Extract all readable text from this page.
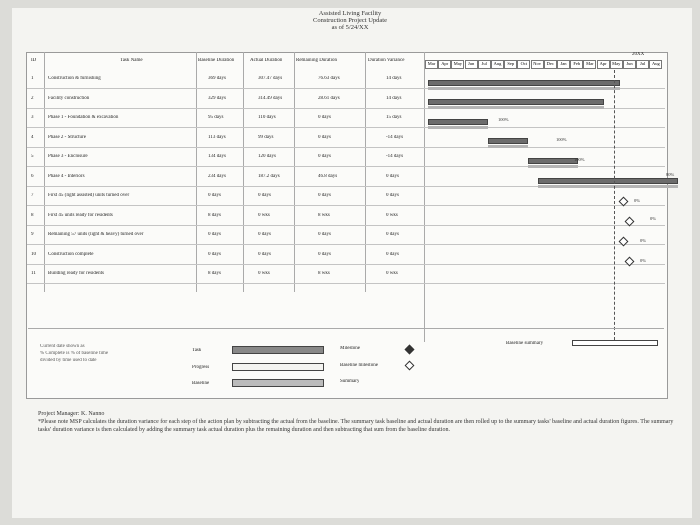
Assisted Living Facility
Construction Project Update
as of 5/24/XX
ID	Task Name	Baseline Duration	Actual Duration	Remaining Duration	Duration Variance
20XX
Mar	Apr	May	Jun	Jul	Aug	Sep	Oct	Nov	Dec	Jan	Feb	Mar	Apr	May	Jun	Jul	Aug
1	Construction & furnishing	369 days	307.47 days	76.63 days	14 days
2	Facility construction	329 days	314.49 days	28.61 days	14 days
3	Phase 1 - Foundation & excavation	95 days	110 days	0 days	15 days
4	Phase 2 - Structure	113 days	99 days	0 days	-14 days
5	Phase 3 - Enclosure	134 days	120 days	0 days	-14 days
6	Phase 4 - Interiors	234 days	187.2 days	46.8 days	0 days
7	First 45 (light assisted) units turned over	0 days	0 days	0 days	0 days
8	First 45 units ready for residents	8 days	0 wks	8 wks	0 wks
9	Remaining 57 units (light & heavy) turned over	0 days	0 days	0 days	0 days
10	Construction complete	0 days	0 days	0 days	0 days
11	Building ready for residents	8 days	0 wks	8 wks	0 wks
100%
100%
100%
80%
0%
0%
0%
0%
Current date shown as
% Complete is % of baseline time
divided by time used to date
Task
Progress
Baseline
Milestone
Baseline milestone
Summary
Baseline summary
Project Manager: K. Nanno
*Please note MSP calculates the duration variance for each step of the action plan by subtracting the actual from the baseline. The summary task baseline and actual duration are then rolled up to the summary tasks' baseline and actual duration figures. The summary tasks' duration variance is then calculated by adding the summary task actual duration plus the remaining duration and then subtracting that sum from the baseline duration.
